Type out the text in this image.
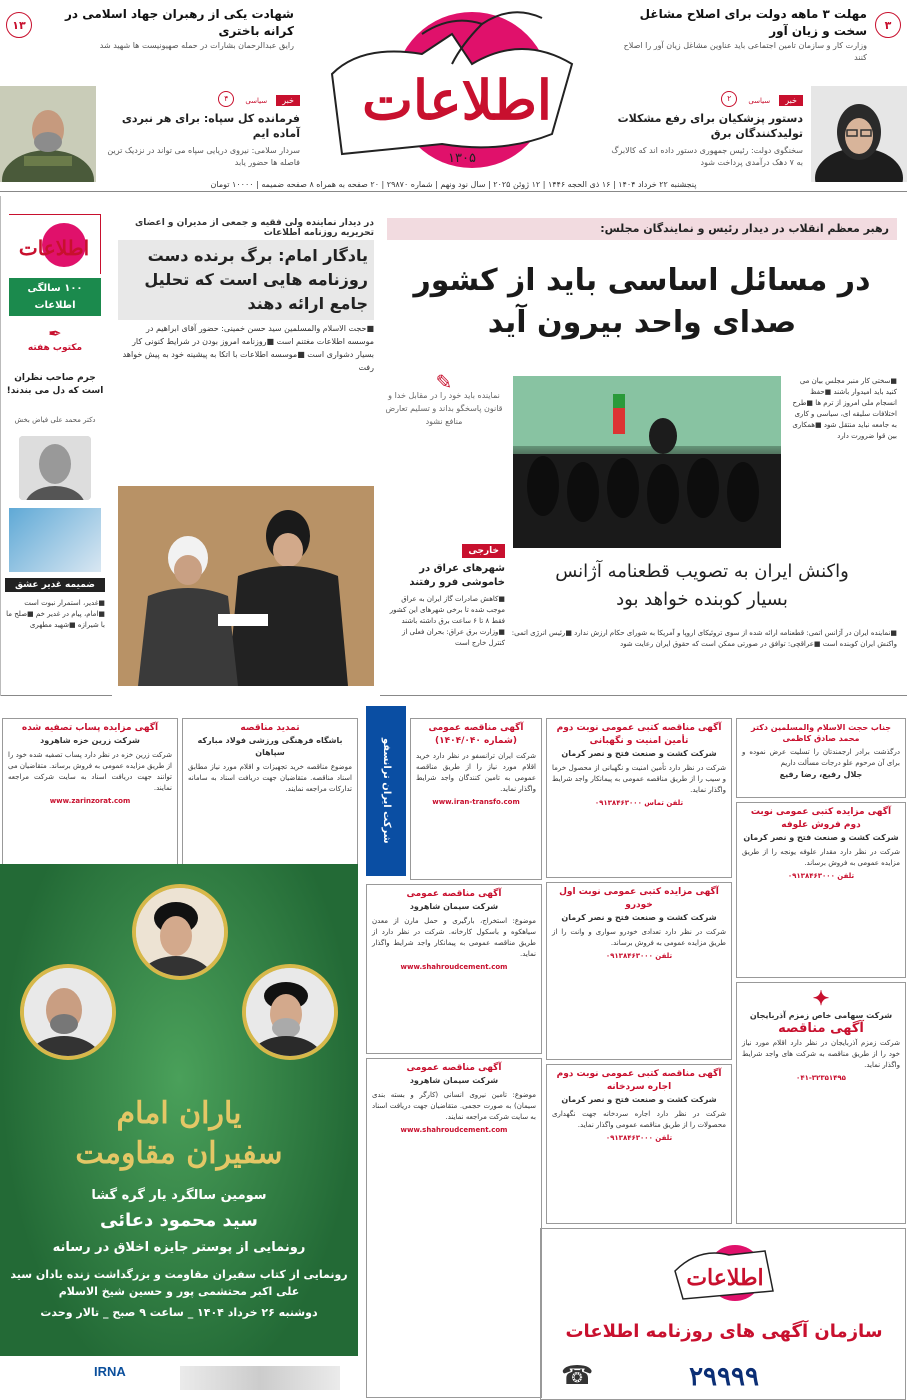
۳
مهلت ۳ ماهه دولت برای اصلاح مشاغل سخت و زیان آور

وزارت کار و سازمان تامین اجتماعی باید عناوین مشاغل زیان آور را اصلاح کنند

۱۳
شهادت یکی از رهبران جهاد اسلامی در کرانه باختری

رایق عبدالرحمان بشارات در حمله صهیونیست ها شهید شد

خبر سیاسی ۲
دستور پزشکیان برای رفع مشکلات تولیدکنندگان برق

سخنگوی دولت: رئیس جمهوری دستور داده اند که کالابرگ به ۷ دهک درآمدی پرداخت شود

خبر سیاسی ۴
فرمانده کل سپاه: برای هر نبردی آماده ایم

سردار سلامی: نیروی دریایی سپاه می تواند در نزدیک ترین فاصله ها حضور یابد

اطلاعات
۱۳۰۵
پنجشنبه ۲۲ خرداد ۱۴۰۴ | ۱۶ ذی الحجه ۱۴۴۶ | ۱۲ ژوئن ۲۰۲۵ | سال نود ونهم | شماره ۲۹۸۷۰ | ۲۰ صفحه به همراه ۸ صفحه ضمیمه | ۱۰۰۰۰ تومان
رهبر معظم انقلاب در دیدار رئیس و نمایندگان مجلس:
در مسائل اساسی باید از کشور
صدای واحد بیرون آید
■سختی کار منبر مجلس بیان می کنید باید امیدوار باشند ■حفظ انسجام ملی امروز از ترم ها ■طرح اختلافات سلیقه ای، سیاسی و کاری به جامعه نباید منتقل شود ■همکاری بین قوا ضرورت دارد
✎
نماینده باید خود را در مقابل خدا و قانون پاسخگو بداند و تسلیم تعارض منافع نشود
واکنش ایران به تصویب قطعنامه آژانس
بسیار کوبنده خواهد بود
■نماینده ایران در آژانس اتمی: قطعنامه ارائه شده از سوی تروئیکای اروپا و آمریکا به شورای حکام ارزش ندارد ■رئیس انرژی اتمی: واکنش ایران کوبنده است ■عراقچی: توافق در صورتی ممکن است که حقوق ایران رعایت شود
خارجی
شهرهای عراق در خاموشی فرو رفتند

■کاهش صادرات گاز ایران به عراق موجب شده تا برخی شهرهای این کشور فقط ۸ تا ۶ ساعت برق داشته باشند ■وزارت برق عراق: بحران فعلی از کنترل خارج است

در دیدار نماینده ولی فقیه و جمعی از مدیران و اعضای تحریریه روزنامه اطلاعات
یادگار امام: برگ برنده دست روزنامه هایی است که تحلیل جامع ارائه دهند
■حجت الاسلام والمسلمین سید حسن خمینی: حضور آقای ابراهیم در موسسه اطلاعات مغتنم است ■روزنامه امروز بودن در شرایط کنونی کار بسیار دشواری است ■موسسه اطلاعات با اتکا به پیشینه خود به پیش خواهد رفت
اطلاعات
۱۰۰ سالگی اطلاعات
✒
مکتوب هفته
جرم صاحب نظران است که دل می بندند!
دکتر محمد علی فیاض بخش
ضمیمه غدیر عشق
■غدیر، استمرار نبوت است ■امام، پیام در غدیر خم ■صلح ما با شیرازه ■شهید مطهری
آگهی مزایده پساب تصفیه شده
شرکت زرین خزه شاهرود
شرکت زرین خزه در نظر دارد پساب تصفیه شده خود را از طریق مزایده عمومی به فروش برساند. متقاضیان می توانند جهت دریافت اسناد به سایت شرکت مراجعه نمایند.
www.zarinzorat.com
تمدید مناقصه
باشگاه فرهنگی ورزشی فولاد مبارکه سپاهان
موضوع مناقصه خرید تجهیزات و اقلام مورد نیاز مطابق اسناد مناقصه. متقاضیان جهت دریافت اسناد به سامانه تدارکات مراجعه نمایند.	شرکت ایران ترانسفو
آگهی مناقصه عمومی (شماره ۱۴۰۴/۰۴۰)
شرکت ایران ترانسفو در نظر دارد خرید اقلام مورد نیاز را از طریق مناقصه عمومی به تامین کنندگان واجد شرایط واگذار نماید.
www.iran-transfo.com
آگهی مناقصه کتبی عمومی نوبت دوم تأمین امنیت و نگهبانی
شرکت کشت و صنعت فتح و نصر کرمان
شرکت در نظر دارد تأمین امنیت و نگهبانی از محصول خرما و سیب را از طریق مناقصه عمومی به پیمانکار واجد شرایط واگذار نماید.
تلفن تماس ۰۹۱۳۸۴۶۳۰۰۰
آگهی مزایده کتبی عمومی نوبت اول خودرو
شرکت کشت و صنعت فتح و نصر کرمان
شرکت در نظر دارد تعدادی خودرو سواری و وانت را از طریق مزایده عمومی به فروش برساند.
تلفن ۰۹۱۳۸۴۶۳۰۰۰
آگهی مناقصه کتبی عمومی نوبت دوم اجاره سردخانه
شرکت کشت و صنعت فتح و نصر کرمان
شرکت در نظر دارد اجاره سردخانه جهت نگهداری محصولات را از طریق مناقصه عمومی واگذار نماید.
تلفن ۰۹۱۳۸۴۶۳۰۰۰
جناب حجت الاسلام والمسلمین دکتر محمد صادق کاظمی
درگذشت برادر ارجمندتان را تسلیت عرض نموده و برای آن مرحوم علو درجات مسألت داریم
جلال رفیع، رضا رفیع
آگهی مزایده کتبی عمومی نوبت دوم فروش علوفه
شرکت کشت و صنعت فتح و نصر کرمان
شرکت در نظر دارد مقدار علوفه یونجه را از طریق مزایده عمومی به فروش برساند.
تلفن ۰۹۱۳۸۴۶۳۰۰۰
✦
شرکت سهامی خاص زمزم آذربایجان
آگهی مناقصه
شرکت زمزم آذربایجان در نظر دارد اقلام مورد نیاز خود را از طریق مناقصه به شرکت های واجد شرایط واگذار نماید.
۰۴۱-۳۲۳۵۱۴۹۵
آگهی مناقصه عمومی
شرکت سیمان شاهرود
موضوع: استخراج، بارگیری و حمل مارن از معدن سیاهکوه و باسکول کارخانه. شرکت در نظر دارد از طریق مناقصه عمومی به پیمانکار واجد شرایط واگذار نماید.
www.shahroudcement.com
آگهی مناقصه عمومی
شرکت سیمان شاهرود
موضوع: تامین نیروی انسانی (کارگر و بسته بندی سیمان) به صورت حجمی. متقاضیان جهت دریافت اسناد به سایت شرکت مراجعه نمایند.
www.shahroudcement.com
یاران امام
سفیران مقاومت
سومین سالگرد یار گره گشا
سید محمود دعائی
رونمایی از پوستر جایزه اخلاق در رسانه
رونمایی از کتاب سفیران مقاومت و بزرگداشت زنده یادان سید علی اکبر محتشمی پور و حسین شیخ الاسلام
دوشنبه ۲۶ خرداد ۱۴۰۴ _ ساعت ۹ صبح _ تالار وحدت
IRNA
اطلاعات
سازمان آگهی های روزنامه اطلاعات
☎	۲۹۹۹۹
